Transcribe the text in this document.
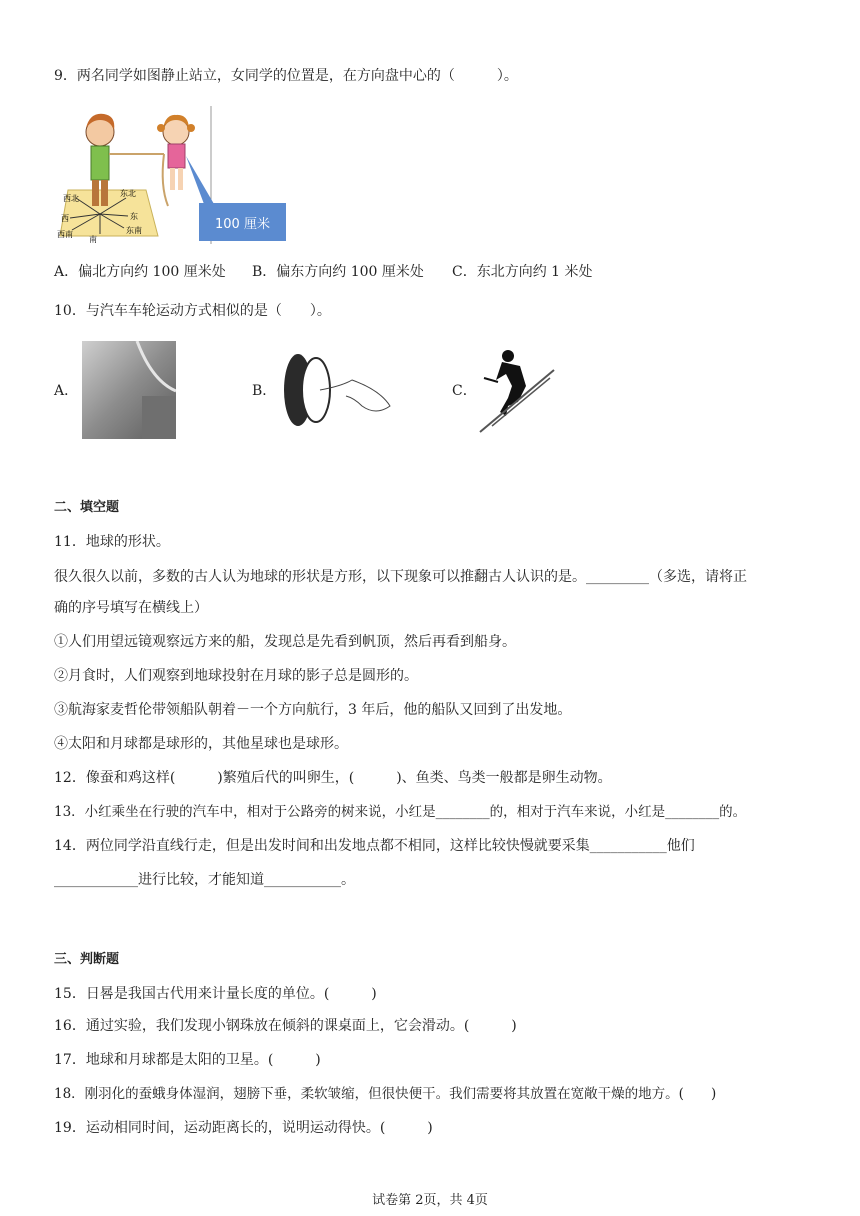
9．两名同学如图静止站立，女同学的位置是，在方向盘中心的（　　　）。
西北
西
西南
南
东北
东
东南	100 厘米
A．偏北方向约 100 厘米处 B．偏东方向约 100 厘米处 C．东北方向约 1 米处
10．与汽车车轮运动方式相似的是（　　）。
A．	B．	C．
二、填空题
11．地球的形状。
很久很久以前，多数的古人认为地球的形状是方形，以下现象可以推翻古人认识的是。_________（多选，请将正
确的序号填写在横线上）
①人们用望远镜观察远方来的船，发现总是先看到帆顶，然后再看到船身。
②月食时，人们观察到地球投射在月球的影子总是圆形的。
③航海家麦哲伦带领船队朝着－一个方向航行，3 年后，他的船队又回到了出发地。
④太阳和月球都是球形的，其他星球也是球形。
12．像蚕和鸡这样(　　　)繁殖后代的叫卵生，(　　　)、鱼类、鸟类一般都是卵生动物。
13．小红乘坐在行驶的汽车中，相对于公路旁的树来说，小红是________的，相对于汽车来说，小红是________的。
14．两位同学沿直线行走，但是出发时间和出发地点都不相同，这样比较快慢就要采集___________他们
____________进行比较，才能知道___________。
三、判断题
15．日晷是我国古代用来计量长度的单位。(　　　)
16．通过实验，我们发现小钢珠放在倾斜的课桌面上，它会滑动。(　　　)
17．地球和月球都是太阳的卫星。(　　　)
18．刚羽化的蚕蛾身体湿润，翅膀下垂，柔软皱缩，但很快便干。我们需要将其放置在宽敞干燥的地方。(　　)
19．运动相同时间，运动距离长的，说明运动得快。(　　　)
试卷第 2页，共 4页
